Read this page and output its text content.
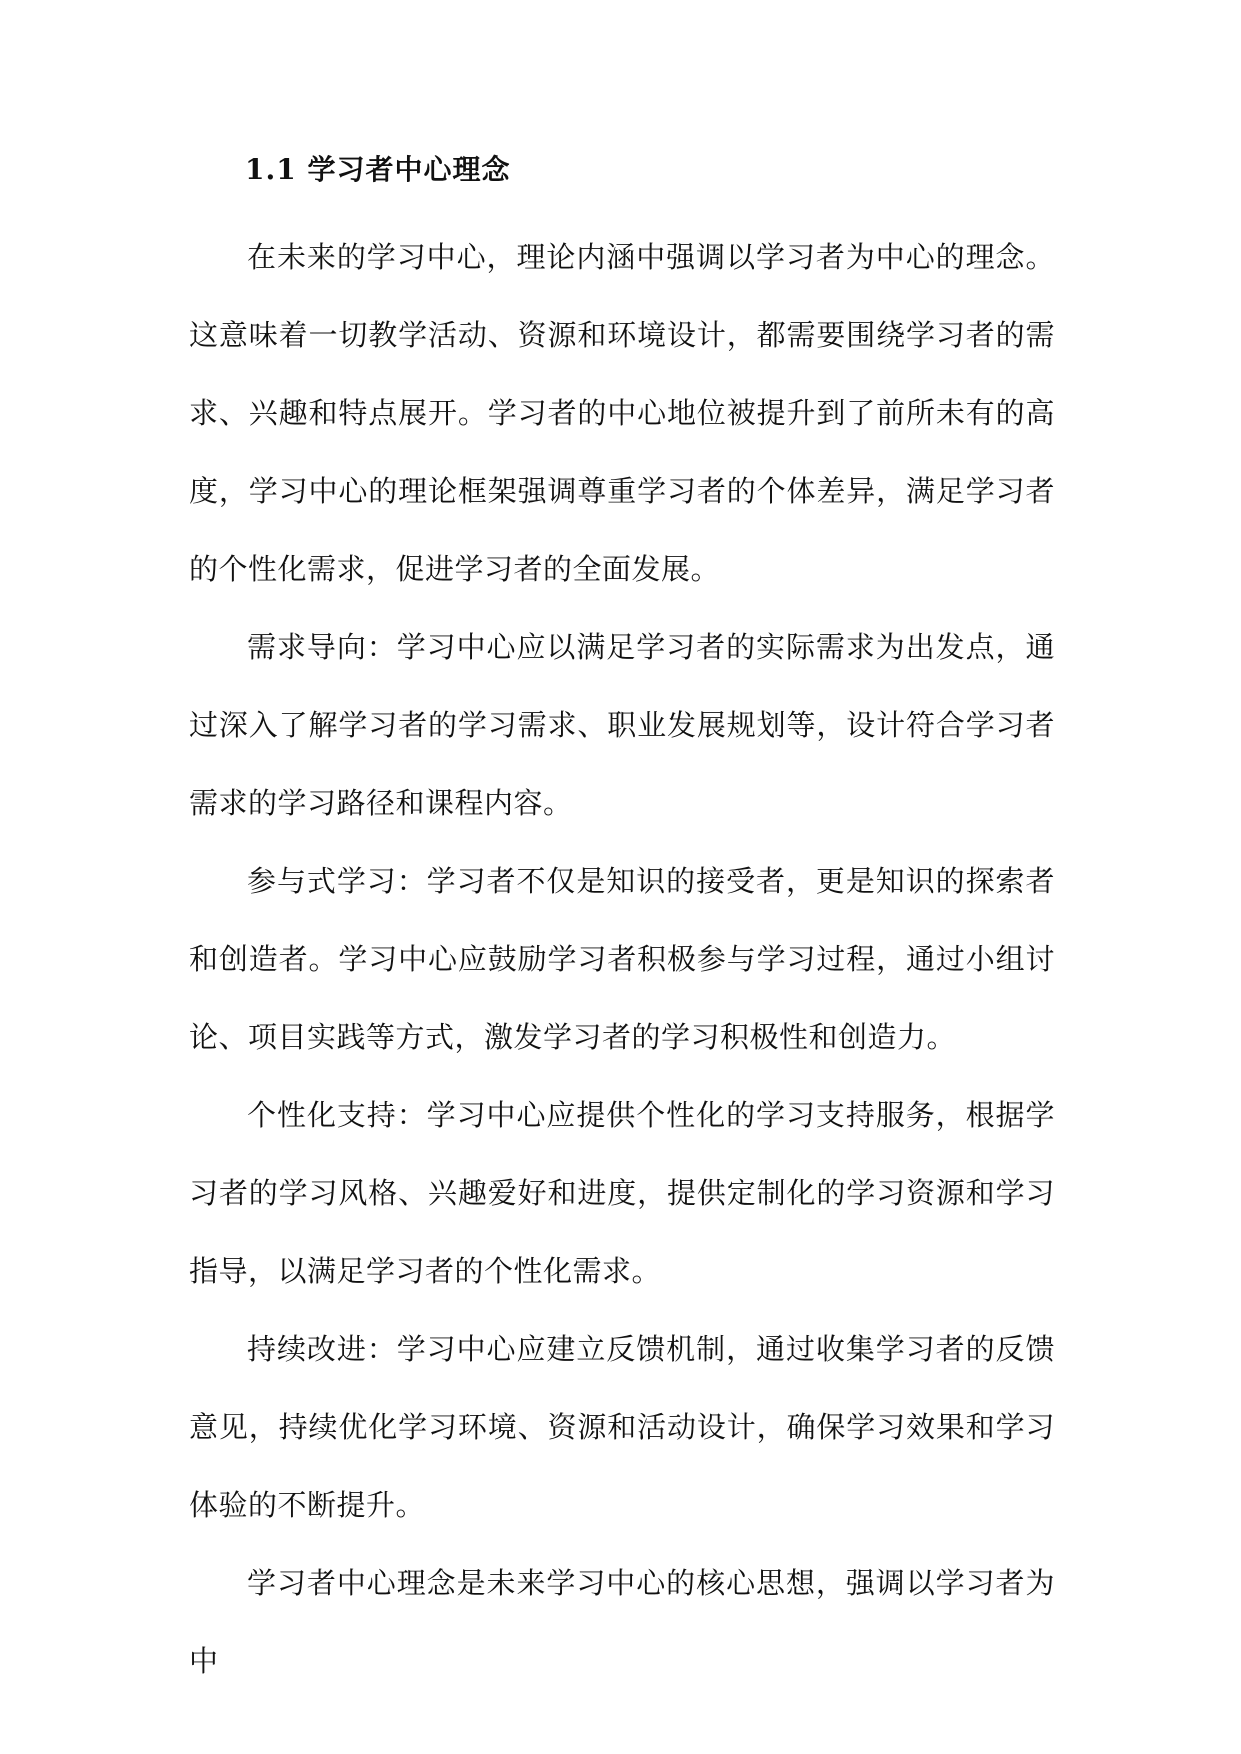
1.1 学习者中心理念

在未来的学习中心，理论内涵中强调以学习者为中心的理念。这意味着一切教学活动、资源和环境设计，都需要围绕学习者的需求、兴趣和特点展开。学习者的中心地位被提升到了前所未有的高度，学习中心的理论框架强调尊重学习者的个体差异，满足学习者的个性化需求，促进学习者的全面发展。

需求导向：学习中心应以满足学习者的实际需求为出发点，通过深入了解学习者的学习需求、职业发展规划等，设计符合学习者需求的学习路径和课程内容。

参与式学习：学习者不仅是知识的接受者，更是知识的探索者和创造者。学习中心应鼓励学习者积极参与学习过程，通过小组讨论、项目实践等方式，激发学习者的学习积极性和创造力。

个性化支持：学习中心应提供个性化的学习支持服务，根据学习者的学习风格、兴趣爱好和进度，提供定制化的学习资源和学习指导，以满足学习者的个性化需求。

持续改进：学习中心应建立反馈机制，通过收集学习者的反馈意见，持续优化学习环境、资源和活动设计，确保学习效果和学习体验的不断提升。

学习者中心理念是未来学习中心的核心思想，强调以学习者为中
